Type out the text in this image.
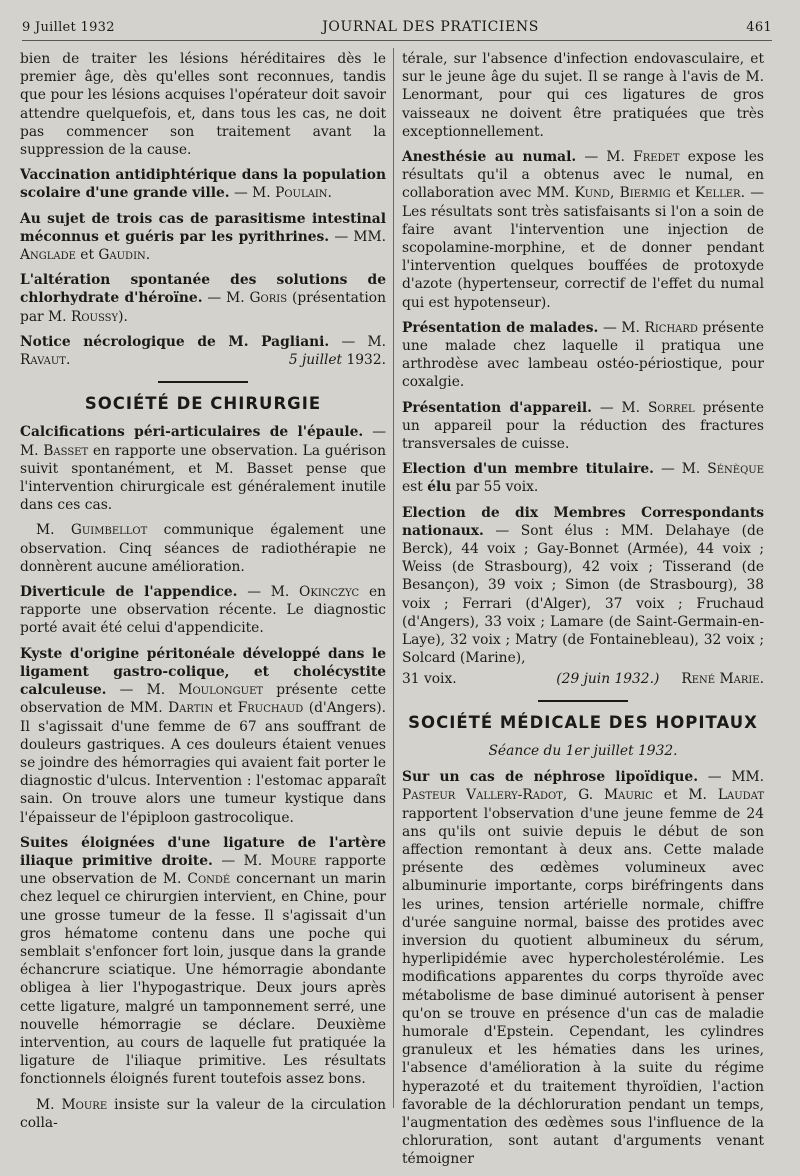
9 Juillet 1932	JOURNAL DES PRATICIENS	461

bien de traiter les lésions héréditaires dès le premier âge, dès qu'elles sont reconnues, tandis que pour les lésions acquises l'opérateur doit savoir attendre quelquefois, et, dans tous les cas, ne doit pas commencer son traitement avant la suppression de la cause.

Vaccination antidiphtérique dans la population scolaire d'une grande ville. — M. Poulain.

Au sujet de trois cas de parasitisme intestinal méconnus et guéris par les pyrithrines. — MM. Anglade et Gaudin.

L'altération spontanée des solutions de chlorhydrate d'héroïne. — M. Goris (présentation par M. Roussy).

Notice nécrologique de M. Pagliani. — M. Ravaut.	5 juillet 1932.

SOCIÉTÉ DE CHIRURGIE

Calcifications péri-articulaires de l'épaule. — M. Basset en rapporte une observation. La guérison suivit spontanément, et M. Basset pense que l'intervention chirurgicale est généralement inutile dans ces cas.

M. Guimbellot communique également une observation. Cinq séances de radiothérapie ne donnèrent aucune amélioration.

Diverticule de l'appendice. — M. Okinczyc en rapporte une observation récente. Le diagnostic porté avait été celui d'appendicite.

Kyste d'origine péritonéale développé dans le ligament gastro-colique, et cholécystite calculeuse. — M. Moulonguet présente cette observation de MM. Dartin et Fruchaud (d'Angers). Il s'agissait d'une femme de 67 ans souffrant de douleurs gastriques. A ces douleurs étaient venues se joindre des hémorragies qui avaient fait porter le diagnostic d'ulcus. Intervention : l'estomac apparaît sain. On trouve alors une tumeur kystique dans l'épaisseur de l'épiploon gastrocolique.

Suites éloignées d'une ligature de l'artère iliaque primitive droite. — M. Moure rapporte une observation de M. Condé concernant un marin chez lequel ce chirurgien intervient, en Chine, pour une grosse tumeur de la fesse. Il s'agissait d'un gros hématome contenu dans une poche qui semblait s'enfoncer fort loin, jusque dans la grande échancrure sciatique. Une hémorragie abondante obligea à lier l'hypogastrique. Deux jours après cette ligature, malgré un tamponnement serré, une nouvelle hémorragie se déclare. Deuxième intervention, au cours de laquelle fut pratiquée la ligature de l'iliaque primitive. Les résultats fonctionnels éloignés furent toutefois assez bons.

M. Moure insiste sur la valeur de la circulation colla-

térale, sur l'absence d'infection endovasculaire, et sur le jeune âge du sujet. Il se range à l'avis de M. Lenormant, pour qui ces ligatures de gros vaisseaux ne doivent être pratiquées que très exceptionnellement.

Anesthésie au numal. — M. Fredet expose les résultats qu'il a obtenus avec le numal, en collaboration avec MM. Kund, Biermig et Keller. — Les résultats sont très satisfaisants si l'on a soin de faire avant l'intervention une injection de scopolamine-morphine, et de donner pendant l'intervention quelques bouffées de protoxyde d'azote (hypertenseur, correctif de l'effet du numal qui est hypotenseur).

Présentation de malades. — M. Richard présente une malade chez laquelle il pratiqua une arthrodèse avec lambeau ostéo-périostique, pour coxalgie.

Présentation d'appareil. — M. Sorrel présente un appareil pour la réduction des fractures transversales de cuisse.

Election d'un membre titulaire. — M. Sénèque est élu par 55 voix.

Election de dix Membres Correspondants nationaux. — Sont élus : MM. Delahaye (de Berck), 44 voix ; Gay-Bonnet (Armée), 44 voix ; Weiss (de Strasbourg), 42 voix ; Tisserand (de Besançon), 39 voix ; Simon (de Strasbourg), 38 voix ; Ferrari (d'Alger), 37 voix ; Fruchaud (d'Angers), 33 voix ; Lamare (de Saint-Germain-en-Laye), 32 voix ; Matry (de Fontainebleau), 32 voix ; Solcard (Marine),

31 voix.	(29 juin 1932.) René Marie.
SOCIÉTÉ MÉDICALE DES HOPITAUX
Séance du 1er juillet 1932.

Sur un cas de néphrose lipoïdique. — MM. Pasteur Vallery-Radot, G. Mauric et M. Laudat rapportent l'observation d'une jeune femme de 24 ans qu'ils ont suivie depuis le début de son affection remontant à deux ans. Cette malade présente des œdèmes volumineux avec albuminurie importante, corps biréfringents dans les urines, tension artérielle normale, chiffre d'urée sanguine normal, baisse des protides avec inversion du quotient albumineux du sérum, hyperlipidémie avec hypercholestérolémie. Les modifications apparentes du corps thyroïde avec métabolisme de base diminué autorisent à penser qu'on se trouve en présence d'un cas de maladie humorale d'Epstein. Cependant, les cylindres granuleux et les hématies dans les urines, l'absence d'amélioration à la suite du régime hyperazoté et du traitement thyroïdien, l'action favorable de la déchloruration pendant un temps, l'augmentation des œdèmes sous l'influence de la chloruration, sont autant d'arguments venant témoigner
